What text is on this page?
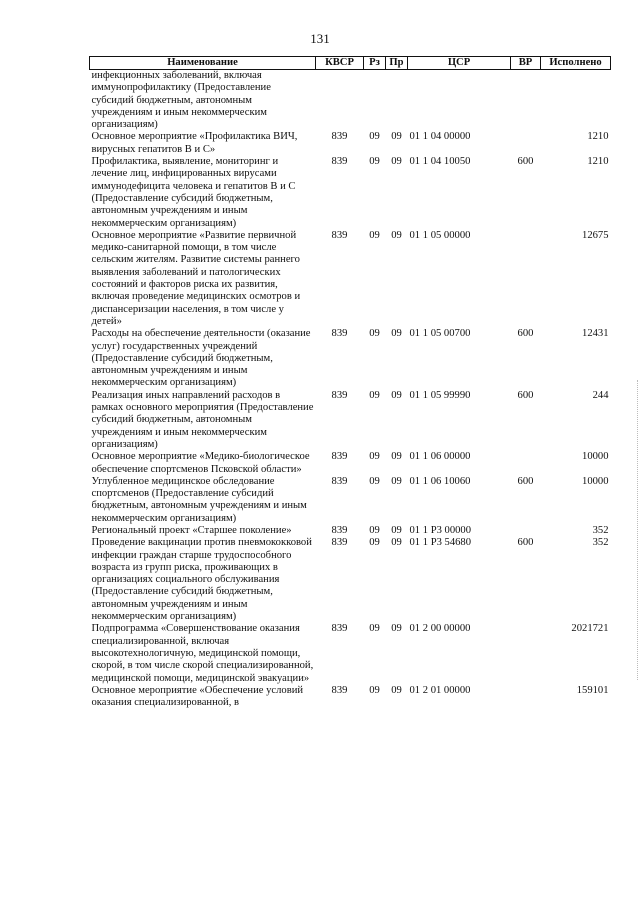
131
Наименование	КВСР	Рз	Пр	ЦСР	ВР	Исполнено
инфекционных заболеваний, включая иммунопрофилактику (Предоставление субсидий бюджетным, автономным учреждениям и иным некоммерческим организациям)						
Основное мероприятие «Профилактика ВИЧ, вирусных гепатитов В и С»	839	09	09	01 1 04 00000		1210
Профилактика, выявление, мониторинг и лечение лиц, инфицированных вирусами иммунодефицита человека и гепатитов В и С (Предоставление субсидий бюджетным, автономным учреждениям и иным некоммерческим организациям)	839	09	09	01 1 04 10050	600	1210
Основное мероприятие «Развитие первичной медико-санитарной помощи, в том числе сельским жителям. Развитие системы раннего выявления заболеваний и патологических состояний и факторов риска их развития, включая проведение медицинских осмотров и диспансеризации населения, в том числе у детей»	839	09	09	01 1 05 00000		12675
Расходы на обеспечение деятельности (оказание услуг) государственных учреждений (Предоставление субсидий бюджетным, автономным учреждениям и иным некоммерческим организациям)	839	09	09	01 1 05 00700	600	12431
Реализация иных направлений расходов в рамках основного мероприятия (Предоставление субсидий бюджетным, автономным учреждениям и иным некоммерческим организациям)	839	09	09	01 1 05 99990	600	244
Основное мероприятие «Медико-биологическое обеспечение спортсменов Псковской области»	839	09	09	01 1 06 00000		10000
Углубленное медицинское обследование спортсменов (Предоставление субсидий бюджетным, автономным учреждениям и иным некоммерческим организациям)	839	09	09	01 1 06 10060	600	10000
Региональный проект «Старшее поколение»	839	09	09	01 1 P3 00000		352
Проведение вакцинации против пневмококковой инфекции граждан старше трудоспособного возраста из групп риска, проживающих в организациях социального обслуживания (Предоставление субсидий бюджетным, автономным учреждениям и иным некоммерческим организациям)	839	09	09	01 1 P3 54680	600	352
Подпрограмма «Совершенствование оказания специализированной, включая высокотехнологичную, медицинской помощи, скорой, в том числе скорой специализированной, медицинской помощи, медицинской эвакуации»	839	09	09	01 2 00 00000		2021721
Основное мероприятие «Обеспечение условий оказания специализированной, в	839	09	09	01 2 01 00000		159101
